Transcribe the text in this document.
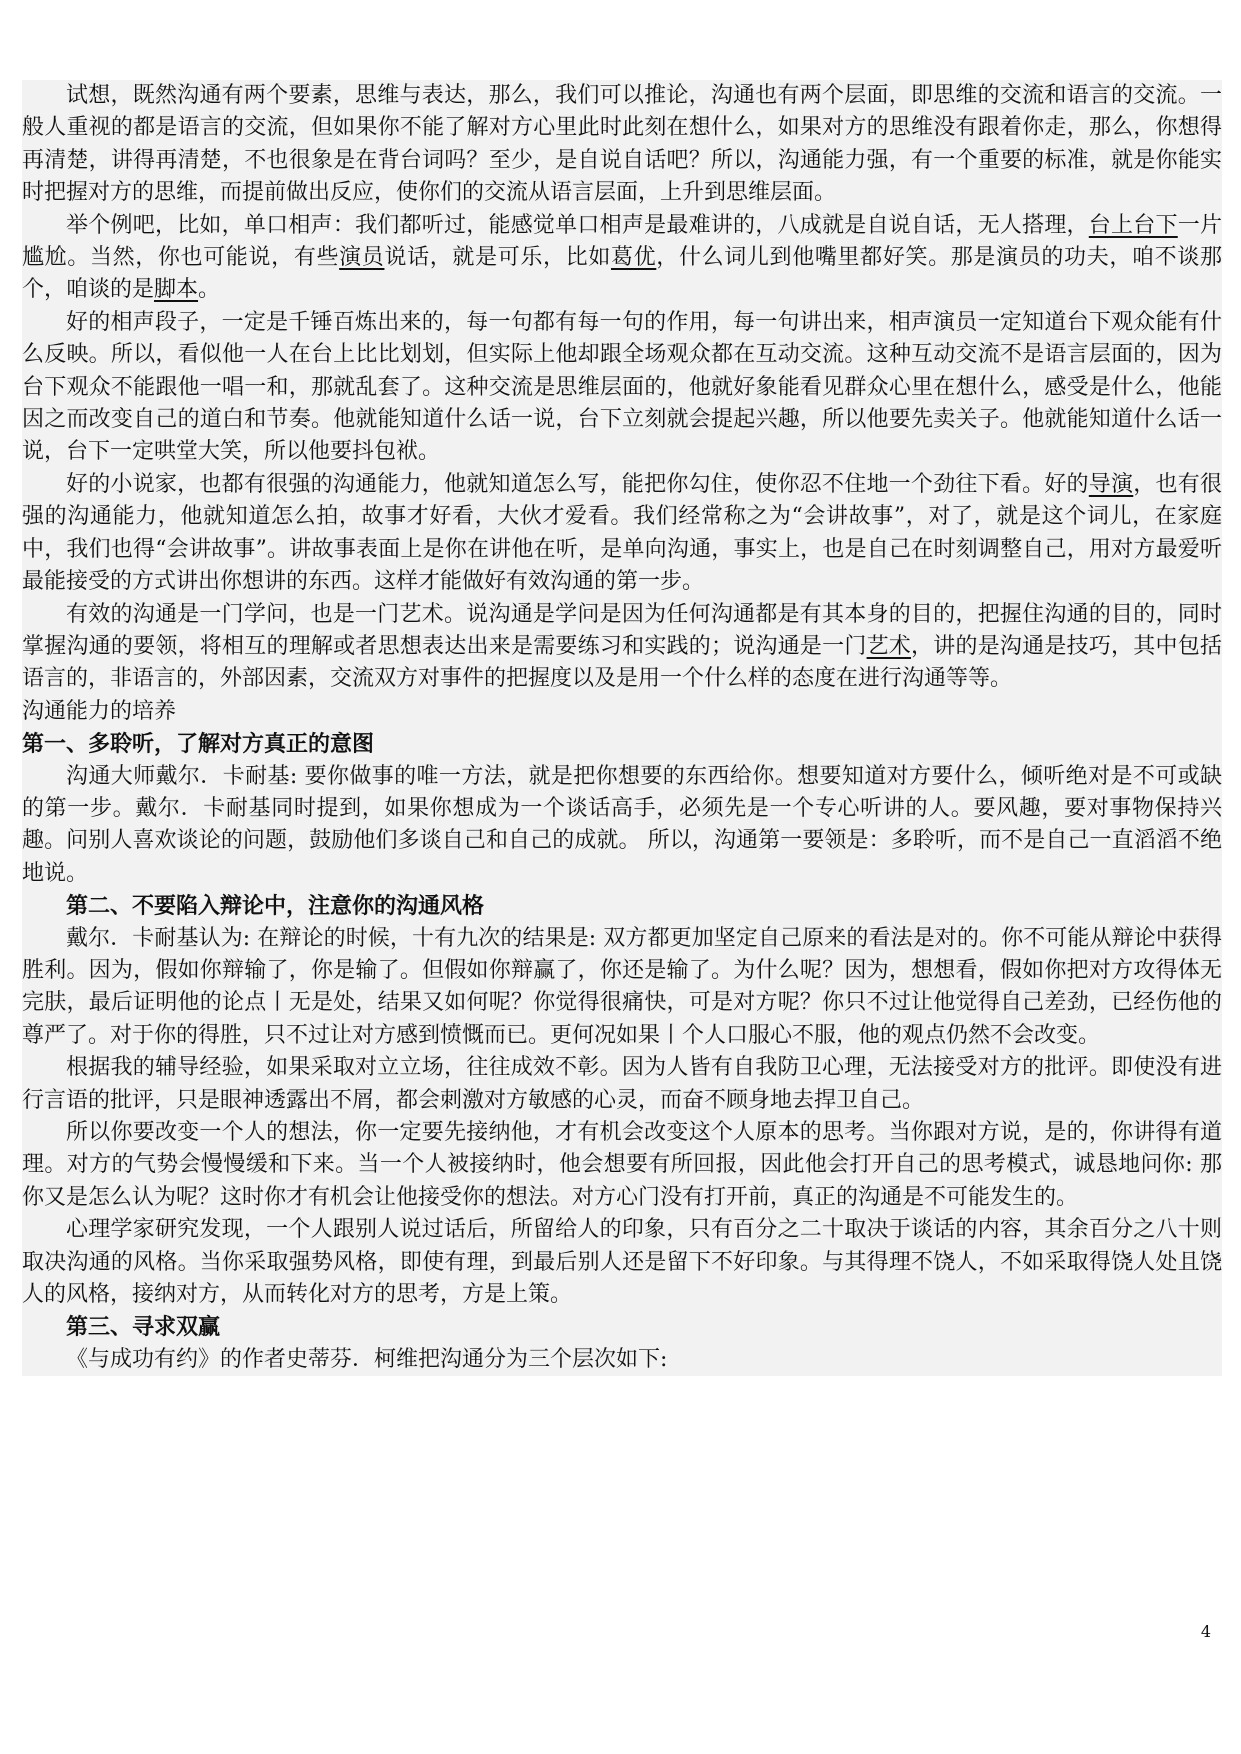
试想，既然沟通有两个要素，思维与表达，那么，我们可以推论，沟通也有两个层面，即思维的交流和语言的交流。一般人重视的都是语言的交流，但如果你不能了解对方心里此时此刻在想什么，如果对方的思维没有跟着你走，那么，你想得再清楚，讲得再清楚，不也很象是在背台词吗？至少，是自说自话吧？所以，沟通能力强，有一个重要的标准，就是你能实时把握对方的思维，而提前做出反应，使你们的交流从语言层面，上升到思维层面。

举个例吧，比如，单口相声：我们都听过，能感觉单口相声是最难讲的，八成就是自说自话，无人搭理，台上台下一片尴尬。当然，你也可能说，有些演员说话，就是可乐，比如葛优，什么词儿到他嘴里都好笑。那是演员的功夫，咱不谈那个，咱谈的是脚本。

好的相声段子，一定是千锤百炼出来的，每一句都有每一句的作用，每一句讲出来，相声演员一定知道台下观众能有什么反映。所以，看似他一人在台上比比划划，但实际上他却跟全场观众都在互动交流。这种互动交流不是语言层面的，因为台下观众不能跟他一唱一和，那就乱套了。这种交流是思维层面的，他就好象能看见群众心里在想什么，感受是什么，他能因之而改变自己的道白和节奏。他就能知道什么话一说，台下立刻就会提起兴趣，所以他要先卖关子。他就能知道什么话一说，台下一定哄堂大笑，所以他要抖包袱。

好的小说家，也都有很强的沟通能力，他就知道怎么写，能把你勾住，使你忍不住地一个劲往下看。好的导演，也有很强的沟通能力，他就知道怎么拍，故事才好看，大伙才爱看。我们经常称之为“会讲故事”，对了，就是这个词儿，在家庭中，我们也得“会讲故事”。讲故事表面上是你在讲他在听，是单向沟通，事实上，也是自己在时刻调整自己，用对方最爱听最能接受的方式讲出你想讲的东西。这样才能做好有效沟通的第一步。

有效的沟通是一门学问，也是一门艺术。说沟通是学问是因为任何沟通都是有其本身的目的，把握住沟通的目的，同时掌握沟通的要领，将相互的理解或者思想表达出来是需要练习和实践的；说沟通是一门艺术，讲的是沟通是技巧，其中包括语言的，非语言的，外部因素，交流双方对事件的把握度以及是用一个什么样的态度在进行沟通等等。

沟通能力的培养

第一、多聆听，了解对方真正的意图

沟通大师戴尔．卡耐基: 要你做事的唯一方法，就是把你想要的东西给你。想要知道对方要什么，倾听绝对是不可或缺的第一步。戴尔．卡耐基同时提到，如果你想成为一个谈话高手，必须先是一个专心听讲的人。要风趣，要对事物保持兴趣。问别人喜欢谈论的问题，鼓励他们多谈自己和自己的成就。 所以，沟通第一要领是：多聆听，而不是自己一直滔滔不绝地说。

第二、不要陷入辩论中，注意你的沟通风格

戴尔．卡耐基认为: 在辩论的时候，十有九次的结果是: 双方都更加坚定自己原来的看法是对的。你不可能从辩论中获得胜利。因为，假如你辩输了，你是输了。但假如你辩赢了，你还是输了。为什么呢？因为，想想看，假如你把对方攻得体无完肤，最后证明他的论点丨无是处，结果又如何呢？你觉得很痛快，可是对方呢？你只不过让他觉得自己差劲，已经伤他的尊严了。对于你的得胜，只不过让对方感到愤慨而已。更何况如果丨个人口服心不服，他的观点仍然不会改变。

根据我的辅导经验，如果采取对立立场，往往成效不彰。因为人皆有自我防卫心理，无法接受对方的批评。即使没有进行言语的批评，只是眼神透露出不屑，都会刺激对方敏感的心灵，而奋不顾身地去捍卫自己。

所以你要改变一个人的想法，你一定要先接纳他，才有机会改变这个人原本的思考。当你跟对方说，是的，你讲得有道理。对方的气势会慢慢缓和下来。当一个人被接纳时，他会想要有所回报，因此他会打开自己的思考模式，诚恳地问你: 那你又是怎么认为呢？这时你才有机会让他接受你的想法。对方心门没有打开前，真正的沟通是不可能发生的。

心理学家研究发现，一个人跟别人说过话后，所留给人的印象，只有百分之二十取决于谈话的内容，其余百分之八十则取决沟通的风格。当你采取强势风格，即使有理，到最后别人还是留下不好印象。与其得理不饶人，不如采取得饶人处且饶人的风格，接纳对方，从而转化对方的思考，方是上策。

第三、寻求双赢

《与成功有约》的作者史蒂芬．柯维把沟通分为三个层次如下:

4
